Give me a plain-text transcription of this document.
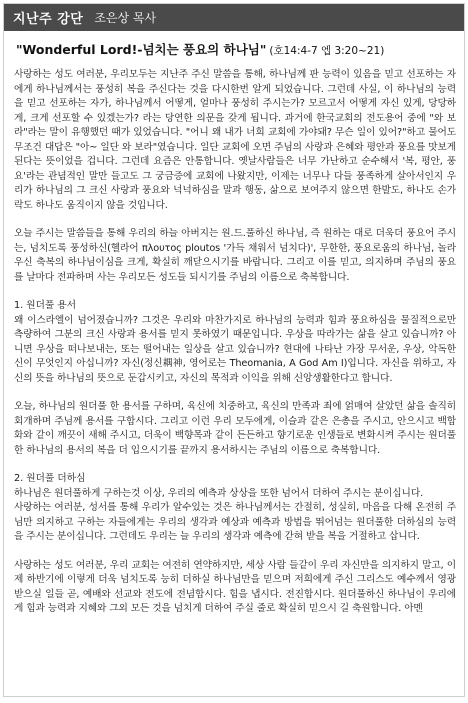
지난주 강단 조은상 목사
"Wonderful Lord!-넘치는 풍요의 하나님" (호14:4-7 엡 3:20~21)

사랑하는 성도 여러분, 우리모두는 지난주 주신 말씀을 통해, 하나님께 판 능력이 있음을 믿고 선포하는 자에게 하나님께서는 풍성히 복을 주신다는 것을 다시한번 알게 되었습니다. 그런데 사실, 이 하나님의 능력을 믿고 선포하는 자가, 하나님께서 어떻게, 얼마나 풍성히 주시는가? 모르고서 어떻게 자신 있게, 당당하게, 크게 선포할 수 있겠는가? 라는 당연한 의문을 갖게 됩니다. 과거에 한국교회의 전도용어 중에 "와 보라"라는 말이 유행했던 때가 있었습니다. "어니 왜 내가 너희 교회에 가야돼? 무슨 일이 있어?"하고 물어도 무조건 대답은 "아~ 일단 와 보라"였습니다. 일단 교회에 오면 주님의 사랑과 은혜와 평안과 풍요를 맛보게 된다는 뜻이었을 겁니다. 그런데 요즘은 안통합니다. 옛날사람들은 너무 가난하고 순수해서 '복, 평안, 풍요'라는 관념적인 말만 들고도 그 궁금증에 교회에 나왔지만, 이제는 너무나 다들 풍족하게 살아서인지 우리가 하나님의 그 크신 사랑과 풍요와 넉넉하심을 말과 행동, 삶으로 보여주지 않으면 한발도, 하나도 손가락도 하나도 움직이지 않을 것입니다.

오늘 주시는 말씀들을 통해 우리의 하늘 아버지는 원.드.풀하신 하나님, 즉 원하는 대로 더욱더 풍요어 주시는, 넘치도록 풍성하신(헬라어 πλουτος ploutos '가득 채워서 넘치다)', 무한한, 풍요로움의 하나님, 놀라우신 축복의 하나님이심을 크게, 확실히 깨닫으시기를 바랍니다. 그리고 이를 믿고, 의지하며 주님의 풍요를 날마다 전파하며 사는 우리모든 성도들 되시기를 주님의 이름으로 축복합니다.

1. 원더풀 용서

왜 이스라엘이 넘어졌습니까? 그것은 우리와 마찬가지로 하나님의 능력과 힘과 풍요하심을 물질적으로만 측량하여 그분의 크신 사랑과 용서를 믿지 못하였기 때문입니다. 우상을 따라가는 삶을 살고 있습니까? 아니면 우상을 떠나보내는, 또는 떨어내는 일상을 살고 있습니까? 현대에 나타난 가장 무서운, 우상, 악독한 신이 무엇인지 아십니까? 자신(정신耦神, 영어로는 Theomania, A God Am I)입니다. 자신을 위하고, 자신의 뜻을 하나님의 뜻으로 둔갑시키고, 자신의 목적과 이익을 위해 신앙생활한다고 합니다.

오늘, 하나님의 원더풀 한 용서를 구하며, 육신에 치중하고, 육신의 만족과 죄에 얽매여 살았던 삶을 솔직히 회개하며 주님께 용서를 구합시다. 그리고 이런 우리 모두에게, 이슬과 같은 은총을 주시고, 안으시고 백합화와 같이 깨끗이 새해 주시고, 더욱이 백향목과 같이 든든하고 향기로운 인생들로 변화시켜 주시는 원더풀 한 하나님의 용서의 복을 더 입으시기를 끝까지 용서하시는 주님의 이름으로 축복합니다.

2. 원더풀 더하심

하나님은 원더풀하게 구하는것 이상, 우리의 예측과 상상을 또한 넘어서 더하여 주시는 분이십니다.

사랑하는 여러분, 성서를 통해 우리가 알수있는 것은 하나님께서는 간절히, 성실히, 마음을 다해 온전히 주님만 의지하고 구하는 자들에게는 우리의 생각과 예상과 예측과 방법을 뛰어넘는 원더풀한 더하심의 능력을 주시는 분이십니다. 그런데도 우리는 늘 우리의 생각과 예측에 갇혀 받을 복을 거절하고 삽니다.

사랑하는 성도 여러분, 우리 교회는 여전히 연약하지만, 세상 사람 들같이 우리 자신만을 의지하지 말고, 이제 하반기에 이렇게 더욱 넘치도록 능히 더하실 하나님만을 믿으며 저희에게 주신 그리스도 예수께서 영광 받으실 일들 곧, 예배와 선교와 전도에 전념합시다. 힘을 냅시다. 전진합시다. 원더풀하신 하나님이 우리에게 힘과 능력과 지혜와 그외 모든 것을 넘치게 더하여 주실 줄로 확실히 믿으시 길 축원합니다. 아멘
